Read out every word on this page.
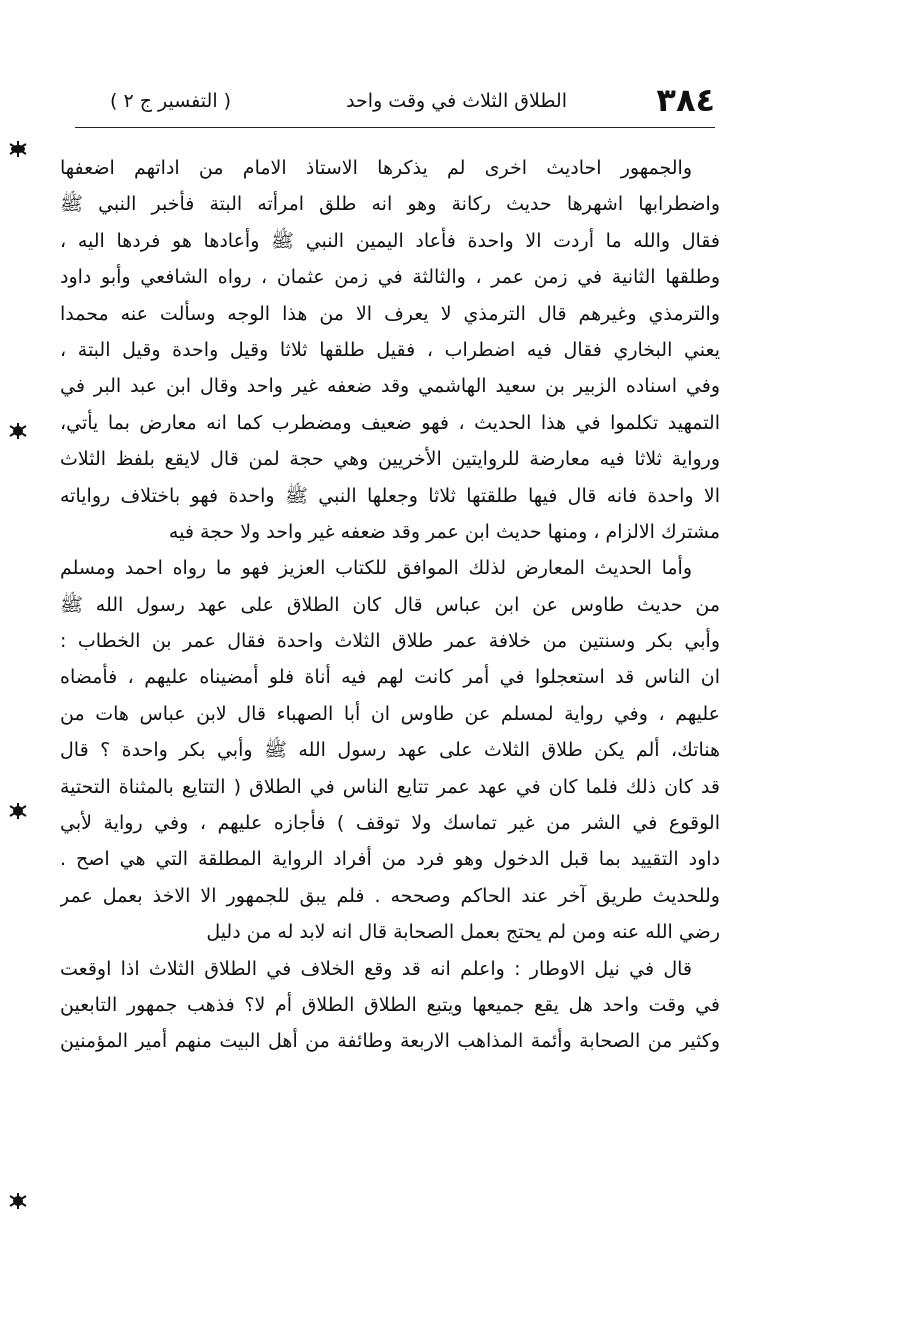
٣٨٤
الطلاق الثلاث في وقت واحد
( التفسير ج ٢ )
والجمهور احاديث اخرى لم يذكرها الاستاذ الامام من اداتهم اضعفها
واضطرابها اشهرها حديث ركانة وهو انه طلق امرأته البتة فأخبر النبي ﷺ
فقال والله ما أردت الا واحدة فأعاد اليمين النبي ﷺ وأعادها هو فردها اليه ،
وطلقها الثانية في زمن عمر ، والثالثة في زمن عثمان ، رواه الشافعي وأبو داود
والترمذي وغيرهم قال الترمذي لا يعرف الا من هذا الوجه وسألت عنه محمدا
يعني البخاري فقال فيه اضطراب ، فقيل طلقها ثلاثا وقيل واحدة وقيل البتة ،
وفي اسناده الزبير بن سعيد الهاشمي وقد ضعفه غير واحد وقال ابن عبد البر في
التمهيد تكلموا في هذا الحديث ، فهو ضعيف ومضطرب كما انه معارض بما يأتي،
ورواية ثلاثا فيه معارضة للروايتين الأخريين وهي حجة لمن قال لايقع بلفظ الثلاث
الا واحدة فانه قال فيها طلقتها ثلاثا وجعلها النبي ﷺ واحدة فهو باختلاف رواياته
مشترك الالزام ، ومنها حديث ابن عمر وقد ضعفه غير واحد ولا حجة فيه
وأما الحديث المعارض لذلك الموافق للكتاب العزيز فهو ما رواه احمد ومسلم
من حديث طاوس عن ابن عباس قال كان الطلاق على عهد رسول الله ﷺ
وأبي بكر وسنتين من خلافة عمر طلاق الثلاث واحدة فقال عمر بن الخطاب :
ان الناس قد استعجلوا في أمر كانت لهم فيه أناة فلو أمضيناه عليهم ، فأمضاه
عليهم ، وفي رواية لمسلم عن طاوس ان أبا الصهباء قال لابن عباس هات من
هناتك، ألم يكن طلاق الثلاث على عهد رسول الله ﷺ وأبي بكر واحدة ؟ قال
قد كان ذلك فلما كان في عهد عمر تتايع الناس في الطلاق ( التتايع بالمثناة التحتية
الوقوع في الشر من غير تماسك ولا توقف ) فأجازه عليهم ، وفي رواية لأبي
داود التقييد بما قبل الدخول وهو فرد من أفراد الرواية المطلقة التي هي اصح .
وللحديث طريق آخر عند الحاكم وصححه . فلم يبق للجمهور الا الاخذ بعمل عمر
رضي الله عنه ومن لم يحتج بعمل الصحابة قال انه لابد له من دليل
قال في نيل الاوطار : واعلم انه قد وقع الخلاف في الطلاق الثلاث اذا اوقعت
في وقت واحد هل يقع جميعها ويتبع الطلاق الطلاق أم لا؟ فذهب جمهور التابعين
وكثير من الصحابة وأئمة المذاهب الاربعة وطائفة من أهل البيت منهم أمير المؤمنين
